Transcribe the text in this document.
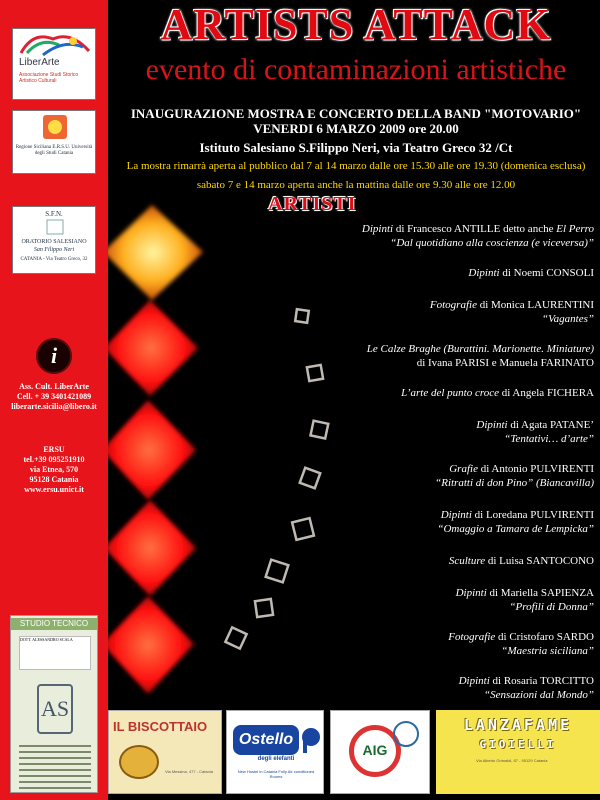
LiberArte
Associazione Studi Storico Artistico Culturali
Regione Siciliana E.R.S.U. Università degli Studi Catania
S.F.N.
ORATORIO SALESIANO
San Filippo Neri
CATANIA - Via Teatro Greco, 32
i
Ass. Cult. LiberArte
Cell. + 39 3401421089
liberarte.sicilia@libero.it
ERSU
tel.+39 095251910
via Etnea, 570
95128 Catania
www.ersu.unict.it
STUDIO TECNICO
DOTT. ALESSANDRO SCALA
AS
ARTISTS ATTACK
evento di contaminazioni artistiche
INAUGURAZIONE MOSTRA E CONCERTO DELLA BAND "MOTOVARIO"
VENERDI 6 MARZO 2009 ore 20.00
Istituto Salesiano S.Filippo Neri, via Teatro Greco 32 /Ct
La mostra rimarrà aperta al pubblico dal 7 al 14 marzo dalle ore 15.30 alle ore 19.30 (domenica esclusa)
sabato 7 e 14 marzo aperta anche la mattina dalle ore 9.30 alle ore 12.00
ARTISTI
Dipinti di Francesco ANTILLE detto anche El Perro
“Dal quotidiano alla coscienza (e viceversa)”
Dipinti di Noemi CONSOLI
Fotografie di Monica LAURENTINI
“Vagantes”
Le Calze Braghe (Burattini. Marionette. Miniature)
di Ivana PARISI e Manuela FARINATO
L’arte del punto croce di Angela FICHERA
Dipinti di Agata PATANE’
“Tentativi… d’arte”
Grafie di Antonio PULVIRENTI
“Ritratti di don Pino” (Biancavilla)
Dipinti di Loredana PULVIRENTI
“Omaggio a Tamara de Lempicka”
Sculture di Luisa SANTOCONO
Dipinti di Mariella SAPIENZA
“Profili di Donna”
Fotografie di Cristofaro SARDO
“Maestria siciliana”
Dipinti di Rosaria TORCITTO
“Sensazioni dal Mondo”
IL BISCOTTAIO
Via Messina, 477 - Catania
Ostello
degli elefanti
New Hostel in Catania Fully Air conditioned Rooms
AIG
LANZAFAME
GIOIELLI
Via Alberto Grimaldi, 87 - 95129 Catania
